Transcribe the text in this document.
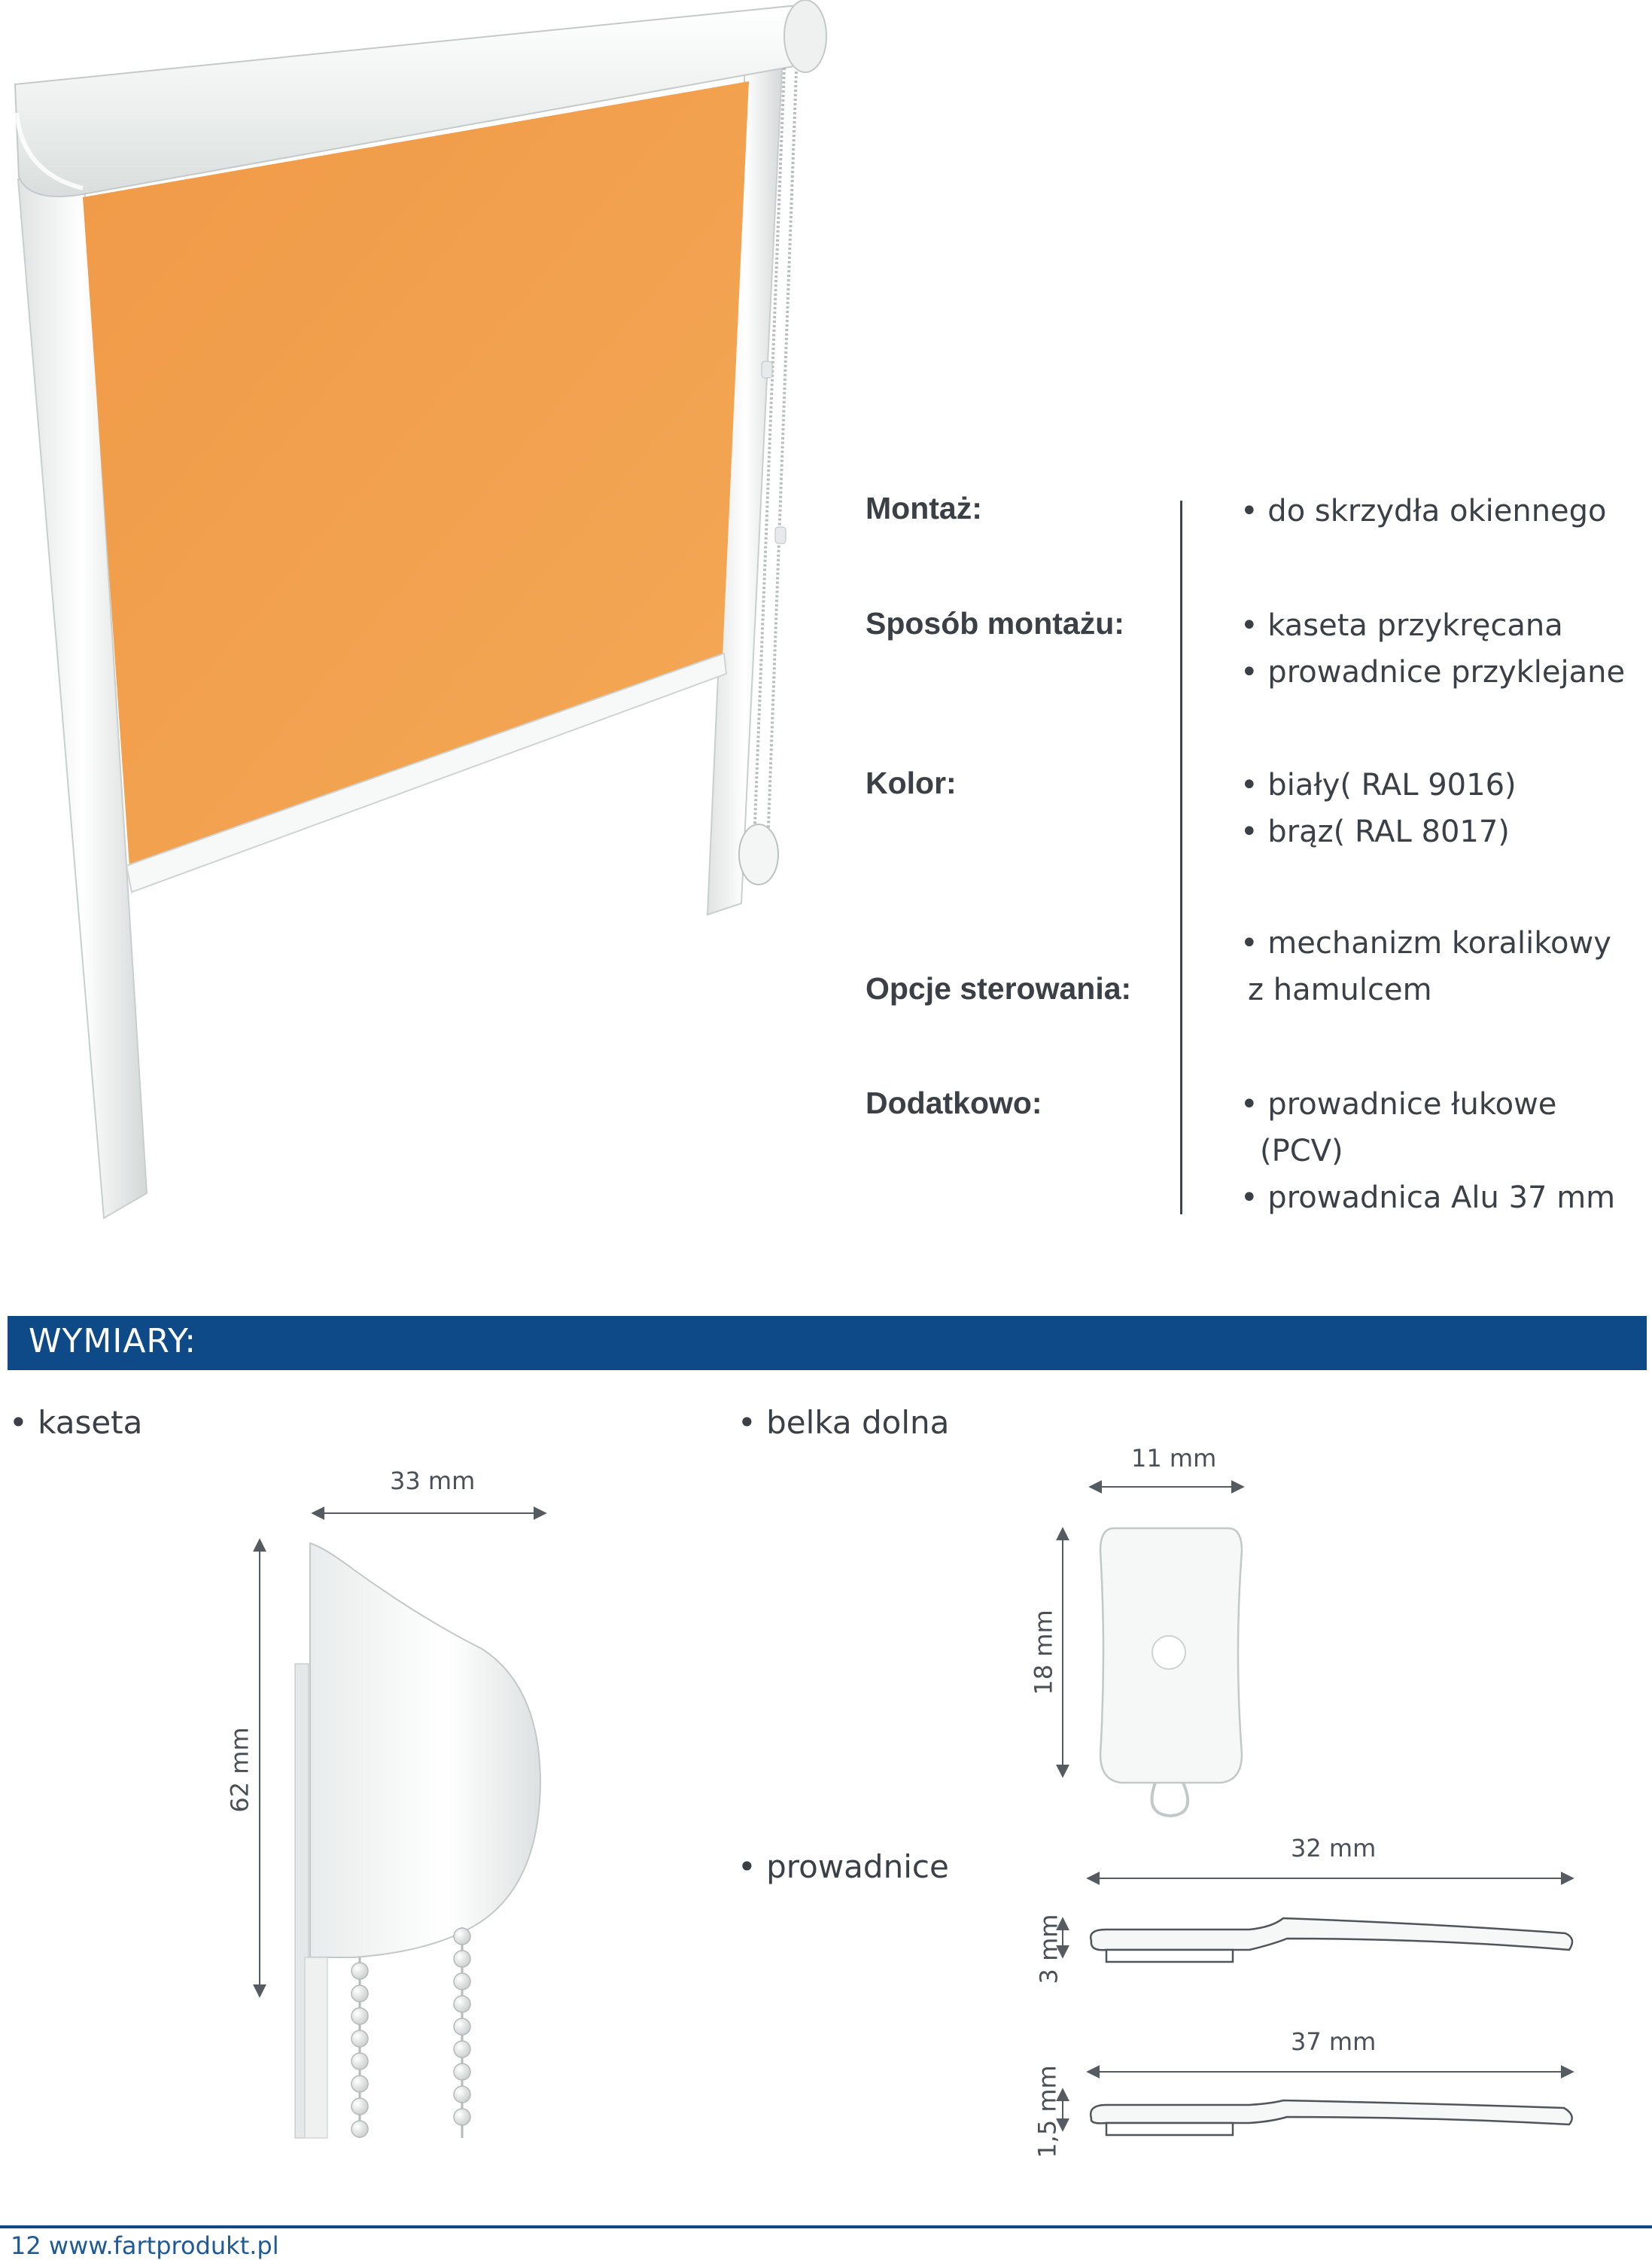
Montaż:	• do skrzydła okiennego
Sposób montażu:	• kaseta przykręcana
• prowadnice przyklejane
Kolor:	• biały( RAL 9016)
• brąz( RAL 8017)
Opcje sterowania:
• mechanizm koralikowy
z hamulcem
Dodatkowo:	• prowadnice łukowe
(PCV)
• prowadnica Alu 37 mm
WYMIARY:
• kaseta	• belka dolna
• prowadnice
33 mm
62 mm
11 mm
18 mm
32 mm
3 mm
37 mm
1,5 mm
12 www.fartprodukt.pl
